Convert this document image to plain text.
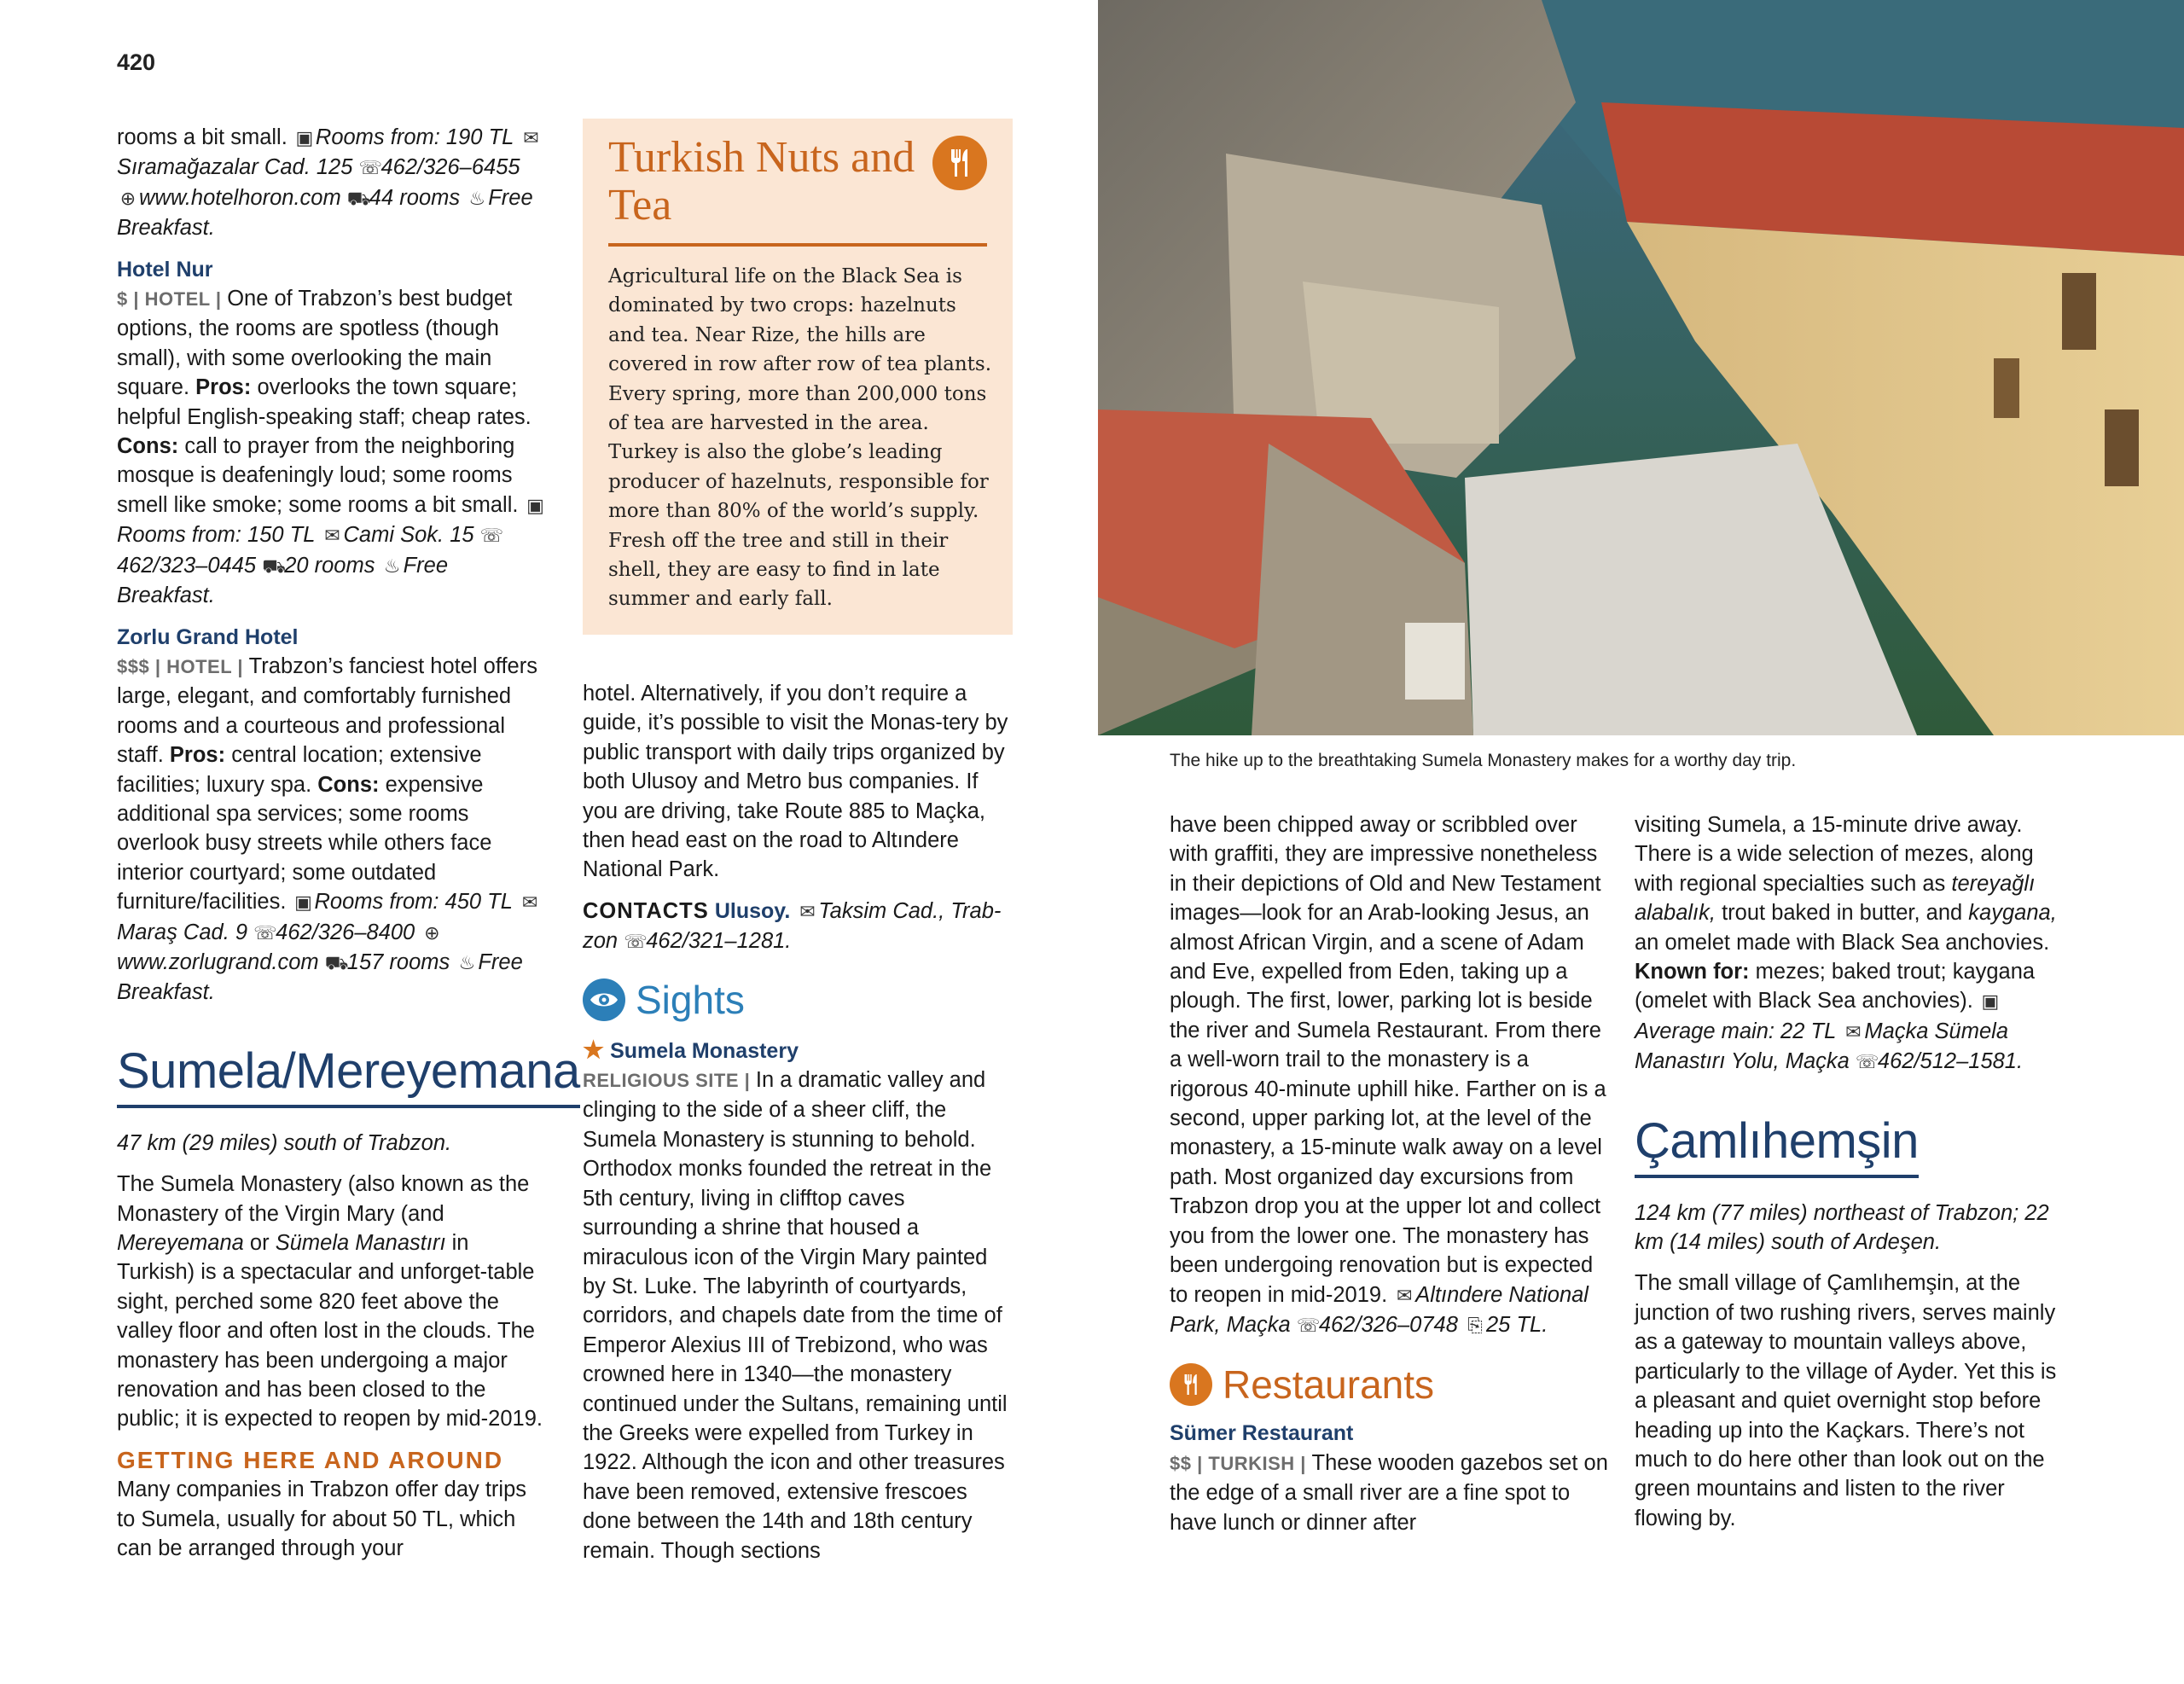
420

rooms a bit small. ▣ Rooms from: 190 TL ✉Sıramağazalar Cad. 125 ☏462/326–6455 ⊕ www.hotelhoron.com ⛟44 rooms ♨ Free Breakfast.

Hotel Nur

$ | HOTEL | One of Trabzon’s best budget options, the rooms are spotless (though small), with some overlooking the main square. Pros: overlooks the town square; helpful English-speaking staff; cheap rates. Cons: call to prayer from the neighboring mosque is deafeningly loud; some rooms smell like smoke; some rooms a bit small. ▣Rooms from: 150 TL ✉ Cami Sok. 15 ☏462/323–0445 ⛟20 rooms ♨ Free Breakfast.

Zorlu Grand Hotel

$$$ | HOTEL | Trabzon’s fanciest hotel offers large, elegant, and comfortably furnished rooms and a courteous and professional staff. Pros: central location; extensive facilities; luxury spa. Cons: expensive additional spa services; some rooms overlook busy streets while others face interior courtyard; some outdated furniture/facilities. ▣ Rooms from: 450 TL ✉Maraş Cad. 9 ☏462/326–8400 ⊕www.zorlugrand.com ⛟157 rooms ♨ Free Breakfast.

Sumela/Mereyemana

47 km (29 miles) south of Trabzon.

The Sumela Monastery (also known as the Monastery of the Virgin Mary (and Mereyemana or Sümela Manastırı in Turkish) is a spectacular and unforget-table sight, perched some 820 feet above the valley floor and often lost in the clouds. The monastery has been undergoing a major renovation and has been closed to the public; it is expected to reopen by mid-2019.

GETTING HERE AND AROUND

Many companies in Trabzon offer day trips to Sumela, usually for about 50 TL, which can be arranged through your

Turkish Nuts and Tea
Agricultural life on the Black Sea is dominated by two crops: hazelnuts and tea. Near Rize, the hills are covered in row after row of tea plants. Every spring, more than 200,000 tons of tea are harvested in the area. Turkey is also the globe’s leading producer of hazelnuts, responsible for more than 80% of the world’s supply. Fresh off the tree and still in their shell, they are easy to find in late summer and early fall.

hotel. Alternatively, if you don’t require a guide, it’s possible to visit the Monas-tery by public transport with daily trips organized by both Ulusoy and Metro bus companies. If you are driving, take Route 885 to Maçka, then head east on the road to Altındere National Park.

CONTACTS Ulusoy. ✉ Taksim Cad., Trab-zon ☏462/321–1281.

Sights
★ Sumela Monastery

RELIGIOUS SITE | In a dramatic valley and clinging to the side of a sheer cliff, the Sumela Monastery is stunning to behold. Orthodox monks founded the retreat in the 5th century, living in clifftop caves surrounding a shrine that housed a miraculous icon of the Virgin Mary painted by St. Luke. The labyrinth of courtyards, corridors, and chapels date from the time of Emperor Alexius III of Trebizond, who was crowned here in 1340—the monastery continued under the Sultans, remaining until the Greeks were expelled from Turkey in 1922. Although the icon and other treasures have been removed, extensive frescoes done between the 14th and 18th century remain. Though sections

The hike up to the breathtaking Sumela Monastery makes for a worthy day trip.

have been chipped away or scribbled over with graffiti, they are impressive nonetheless in their depictions of Old and New Testament images—look for an Arab-looking Jesus, an almost African Virgin, and a scene of Adam and Eve, expelled from Eden, taking up a plough. The first, lower, parking lot is beside the river and Sumela Restaurant. From there a well-worn trail to the monastery is a rigorous 40-minute uphill hike. Farther on is a second, upper parking lot, at the level of the monastery, a 15-minute walk away on a level path. Most organized day excursions from Trabzon drop you at the upper lot and collect you from the lower one. The monastery has been undergoing renovation but is expected to reopen in mid-2019. ✉ Altındere National Park, Maçka ☏462/326–0748 ⎘ 25 TL.

Restaurants
Sümer Restaurant

$$ | TURKISH | These wooden gazebos set on the edge of a small river are a fine spot to have lunch or dinner after

visiting Sumela, a 15-minute drive away. There is a wide selection of mezes, along with regional specialties such as tereyağlı alabalık, trout baked in butter, and kaygana, an omelet made with Black Sea anchovies. Known for: mezes; baked trout; kaygana (omelet with Black Sea anchovies). ▣Average main: 22 TL ✉ Maçka Sümela Manastırı Yolu, Maçka ☏462/512–1581.

Çamlıhemşin

124 km (77 miles) northeast of Trabzon; 22 km (14 miles) south of Ardeşen.

The small village of Çamlıhemşin, at the junction of two rushing rivers, serves mainly as a gateway to mountain valleys above, particularly to the village of Ayder. Yet this is a pleasant and quiet overnight stop before heading up into the Kaçkars. There’s not much to do here other than look out on the green mountains and listen to the river flowing by.
